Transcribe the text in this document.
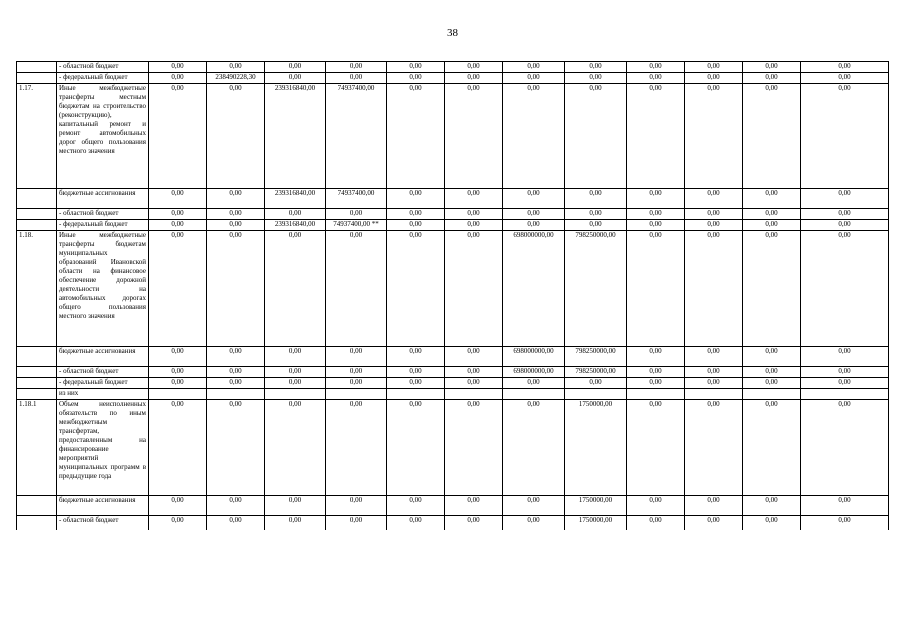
38
	- областной бюджет	0,00	0,00	0,00	0,00	0,00	0,00	0,00	0,00	0,00	0,00	0,00	0,00
	- федеральный бюджет	0,00	238490228,30	0,00	0,00	0,00	0,00	0,00	0,00	0,00	0,00	0,00	0,00
1.17.	Иные межбюджетные трансферты местным бюджетам на строительство (реконструкцию), капитальный ремонт и ремонт автомобильных дорог общего пользования местного значения	0,00	0,00	239316840,00	74937400,00	0,00	0,00	0,00	0,00	0,00	0,00	0,00	0,00
	бюджетные ассигнования	0,00	0,00	239316840,00	74937400,00	0,00	0,00	0,00	0,00	0,00	0,00	0,00	0,00
	- областной бюджет	0,00	0,00	0,00	0,00	0,00	0,00	0,00	0,00	0,00	0,00	0,00	0,00
	- федеральный бюджет	0,00	0,00	239316840,00	74937400,00 **	0,00	0,00	0,00	0,00	0,00	0,00	0,00	0,00
1.18.	Иные межбюджетные трансферты бюджетам муниципальных образований Ивановской области на финансовое обеспечение дорожной деятельности на автомобильных дорогах общего пользования местного значения	0,00	0,00	0,00	0,00	0,00	0,00	698000000,00	798250000,00	0,00	0,00	0,00	0,00
	бюджетные ассигнования	0,00	0,00	0,00	0,00	0,00	0,00	698000000,00	798250000,00	0,00	0,00	0,00	0,00
	- областной бюджет	0,00	0,00	0,00	0,00	0,00	0,00	698000000,00	798250000,00	0,00	0,00	0,00	0,00
	- федеральный бюджет	0,00	0,00	0,00	0,00	0,00	0,00	0,00	0,00	0,00	0,00	0,00	0,00
	из них												
1.18.1	Объем неисполненных обязательств по иным межбюджетным трансфертам, предоставленным на финансирование мероприятий муниципальных программ в предыдущие года	0,00	0,00	0,00	0,00	0,00	0,00	0,00	1750000,00	0,00	0,00	0,00	0,00
	бюджетные ассигнования	0,00	0,00	0,00	0,00	0,00	0,00	0,00	1750000,00	0,00	0,00	0,00	0,00
	- областной бюджет	0,00	0,00	0,00	0,00	0,00	0,00	0,00	1750000,00	0,00	0,00	0,00	0,00
